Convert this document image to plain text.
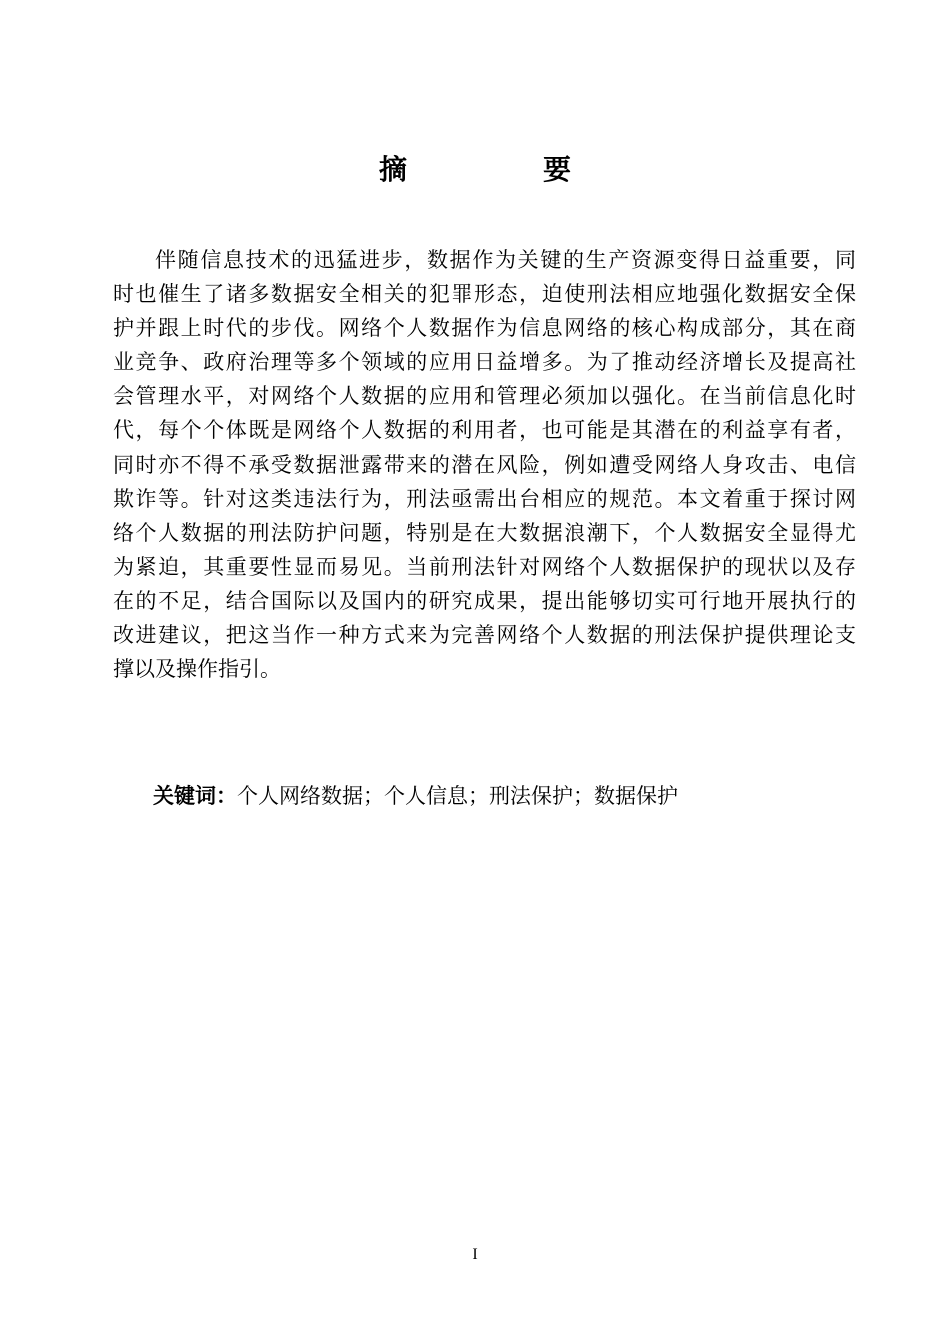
摘　要
伴随信息技术的迅猛进步，数据作为关键的生产资源变得日益重要，同
时也催生了诸多数据安全相关的犯罪形态，迫使刑法相应地强化数据安全保
护并跟上时代的步伐。网络个人数据作为信息网络的核心构成部分，其在商
业竞争、政府治理等多个领域的应用日益增多。为了推动经济增长及提高社
会管理水平，对网络个人数据的应用和管理必须加以强化。在当前信息化时
代，每个个体既是网络个人数据的利用者，也可能是其潜在的利益享有者，
同时亦不得不承受数据泄露带来的潜在风险，例如遭受网络人身攻击、电信
欺诈等。针对这类违法行为，刑法亟需出台相应的规范。本文着重于探讨网
络个人数据的刑法防护问题，特别是在大数据浪潮下，个人数据安全显得尤
为紧迫，其重要性显而易见。当前刑法针对网络个人数据保护的现状以及存
在的不足，结合国际以及国内的研究成果，提出能够切实可行地开展执行的
改进建议，把这当作一种方式来为完善网络个人数据的刑法保护提供理论支
撑以及操作指引。
关键词：个人网络数据；个人信息；刑法保护；数据保护
I
